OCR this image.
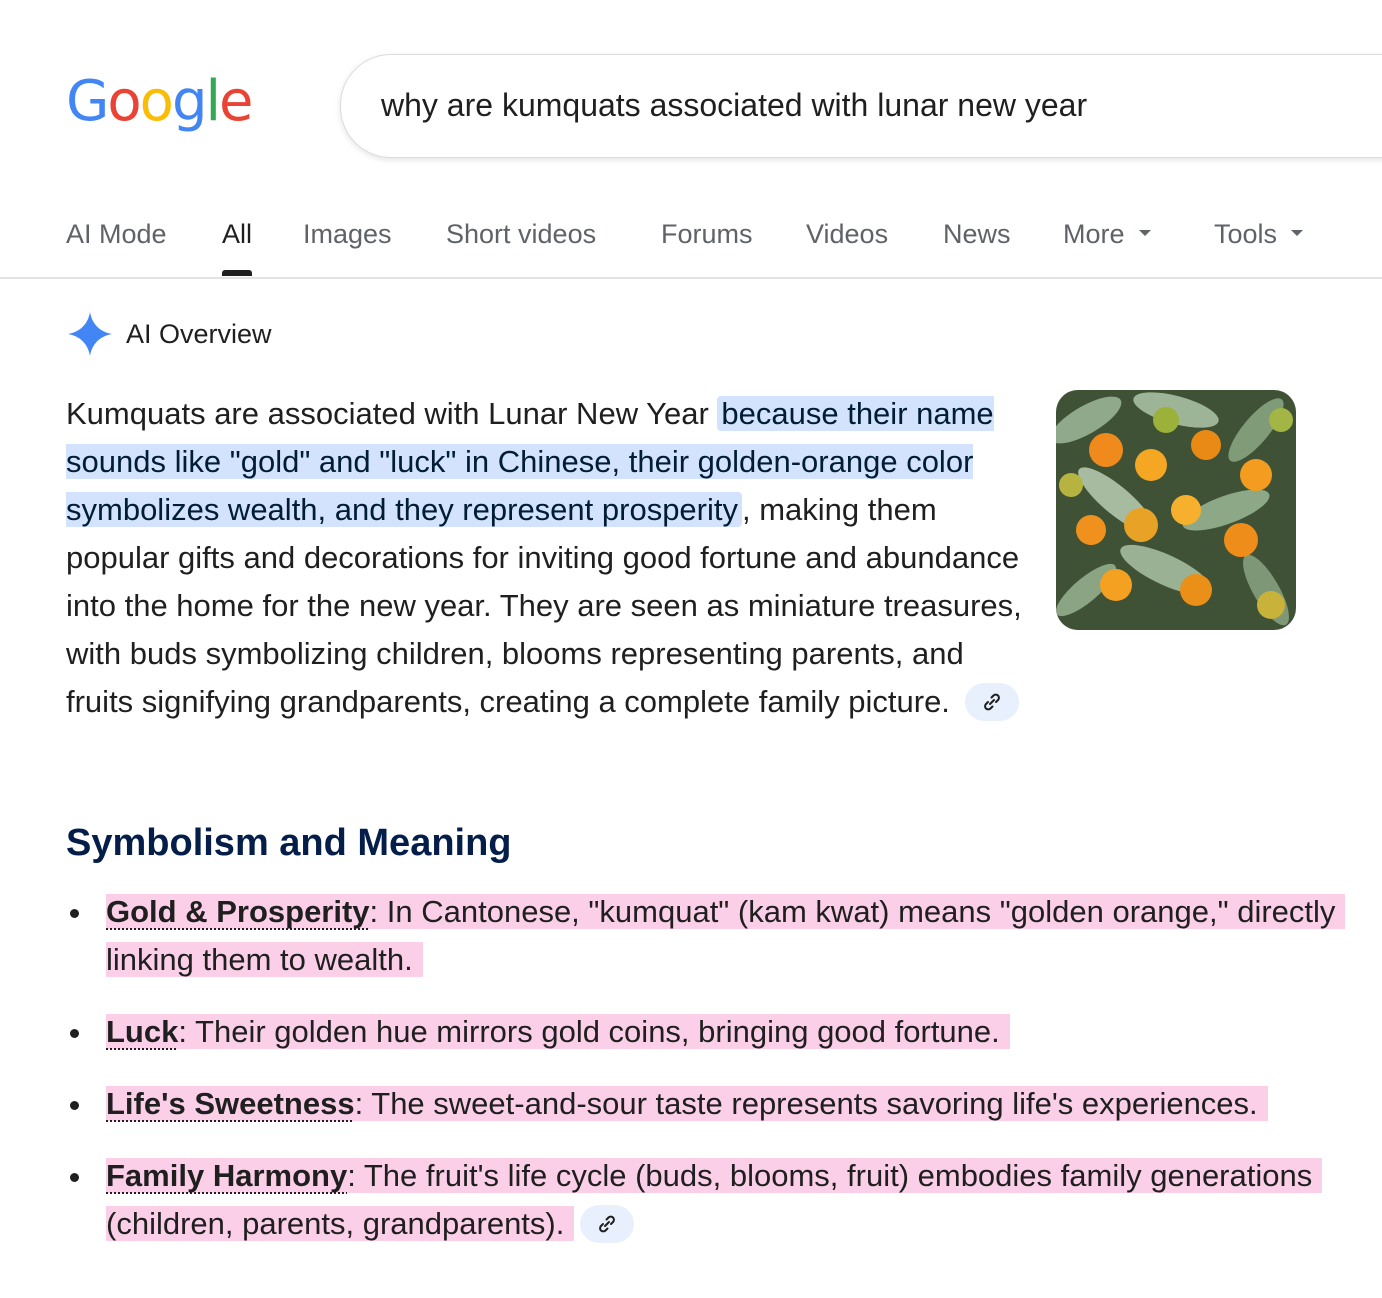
Google	why are kumquats associated with lunar new year
AI Mode All Images Short videos Forums Videos News More	Tools
AI Overview

Kumquats are associated with Lunar New Year because their name sounds like "gold" and "luck" in Chinese, their golden-orange color symbolizes wealth, and they represent prosperity , making them popular gifts and decorations for inviting good fortune and abundance into the home for the new year. They are seen as miniature treasures, with buds symbolizing children, blooms representing parents, and fruits signifying grandparents, creating a complete family picture.

Symbolism and Meaning
Gold & Prosperity: In Cantonese, "kumquat" (kam kwat) means "golden orange," directly linking them to wealth.
Luck: Their golden hue mirrors gold coins, bringing good fortune.
Life's Sweetness: The sweet-and-sour taste represents savoring life's experiences.
Family Harmony: The fruit's life cycle (buds, blooms, fruit) embodies family generations (children, parents, grandparents).
